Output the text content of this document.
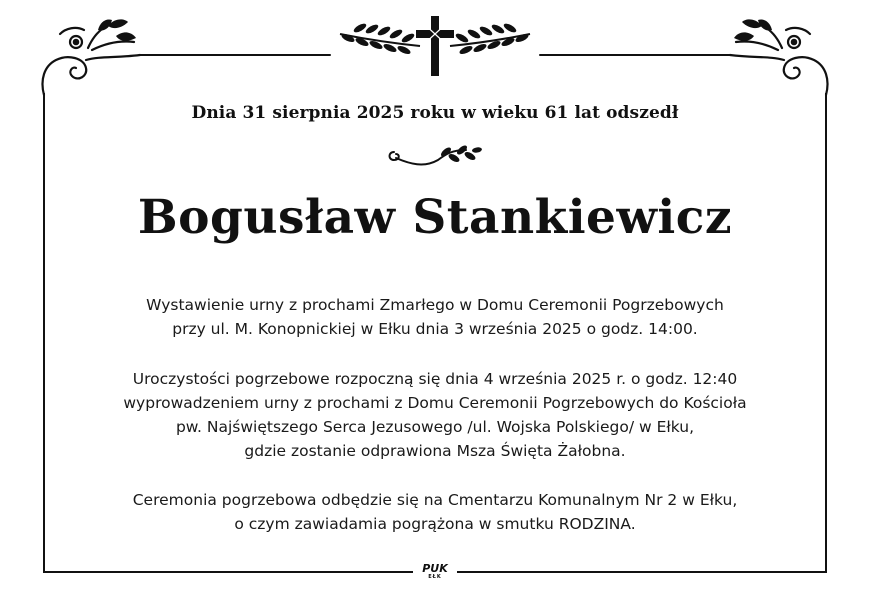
Dnia 31 sierpnia 2025 roku w wieku 61 lat odszedł
Bogusław Stankiewicz
Wystawienie urny z prochami Zmarłego w Domu Ceremonii Pogrzebowych
przy ul. M. Konopnickiej w Ełku dnia 3 września 2025 o godz. 14:00.
Uroczystości pogrzebowe rozpoczną się dnia 4 września 2025 r. o godz. 12:40
wyprowadzeniem urny z prochami z Domu Ceremonii Pogrzebowych do Kościoła
pw. Najświętszego Serca Jezusowego /ul. Wojska Polskiego/ w Ełku,
gdzie zostanie odprawiona Msza Święta Żałobna.
Ceremonia pogrzebowa odbędzie się na Cmentarzu Komunalnym Nr 2 w Ełku,
o czym zawiadamia pogrążona w smutku RODZINA.
PUK
EŁK
